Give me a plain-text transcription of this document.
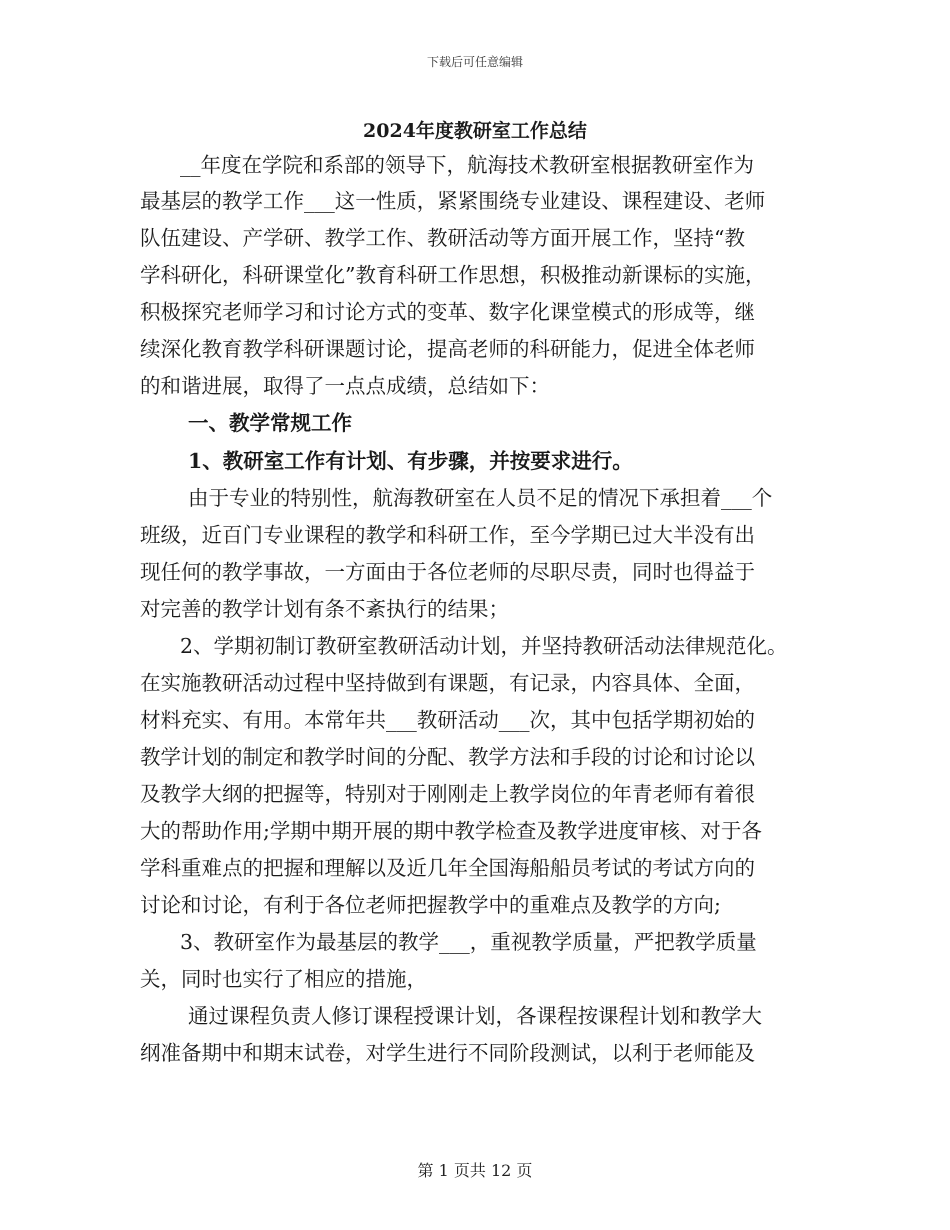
下载后可任意编辑
2024年度教研室工作总结
__年度在学院和系部的领导下，航海技术教研室根据教研室作为
最基层的教学工作___这一性质，紧紧围绕专业建设、课程建设、老师
队伍建设、产学研、教学工作、教研活动等方面开展工作，坚持“教
学科研化，科研课堂化”教育科研工作思想，积极推动新课标的实施，
积极探究老师学习和讨论方式的变革、数字化课堂模式的形成等，继
续深化教育教学科研课题讨论，提高老师的科研能力，促进全体老师
的和谐进展，取得了一点点成绩，总结如下：
一、教学常规工作
1、教研室工作有计划、有步骤，并按要求进行。
由于专业的特别性，航海教研室在人员不足的情况下承担着___个
班级，近百门专业课程的教学和科研工作，至今学期已过大半没有出
现任何的教学事故，一方面由于各位老师的尽职尽责，同时也得益于
对完善的教学计划有条不紊执行的结果；
2、学期初制订教研室教研活动计划，并坚持教研活动法律规范化。
在实施教研活动过程中坚持做到有课题，有记录，内容具体、全面，
材料充实、有用。本常年共___教研活动___次，其中包括学期初始的
教学计划的制定和教学时间的分配、教学方法和手段的讨论和讨论以
及教学大纲的把握等，特别对于刚刚走上教学岗位的年青老师有着很
大的帮助作用;学期中期开展的期中教学检查及教学进度审核、对于各
学科重难点的把握和理解以及近几年全国海船船员考试的考试方向的
讨论和讨论，有利于各位老师把握教学中的重难点及教学的方向;
3、教研室作为最基层的教学___，重视教学质量，严把教学质量
关，同时也实行了相应的措施，
通过课程负责人修订课程授课计划，各课程按课程计划和教学大
纲准备期中和期末试卷，对学生进行不同阶段测试，以利于老师能及
第 1 页共 12 页
